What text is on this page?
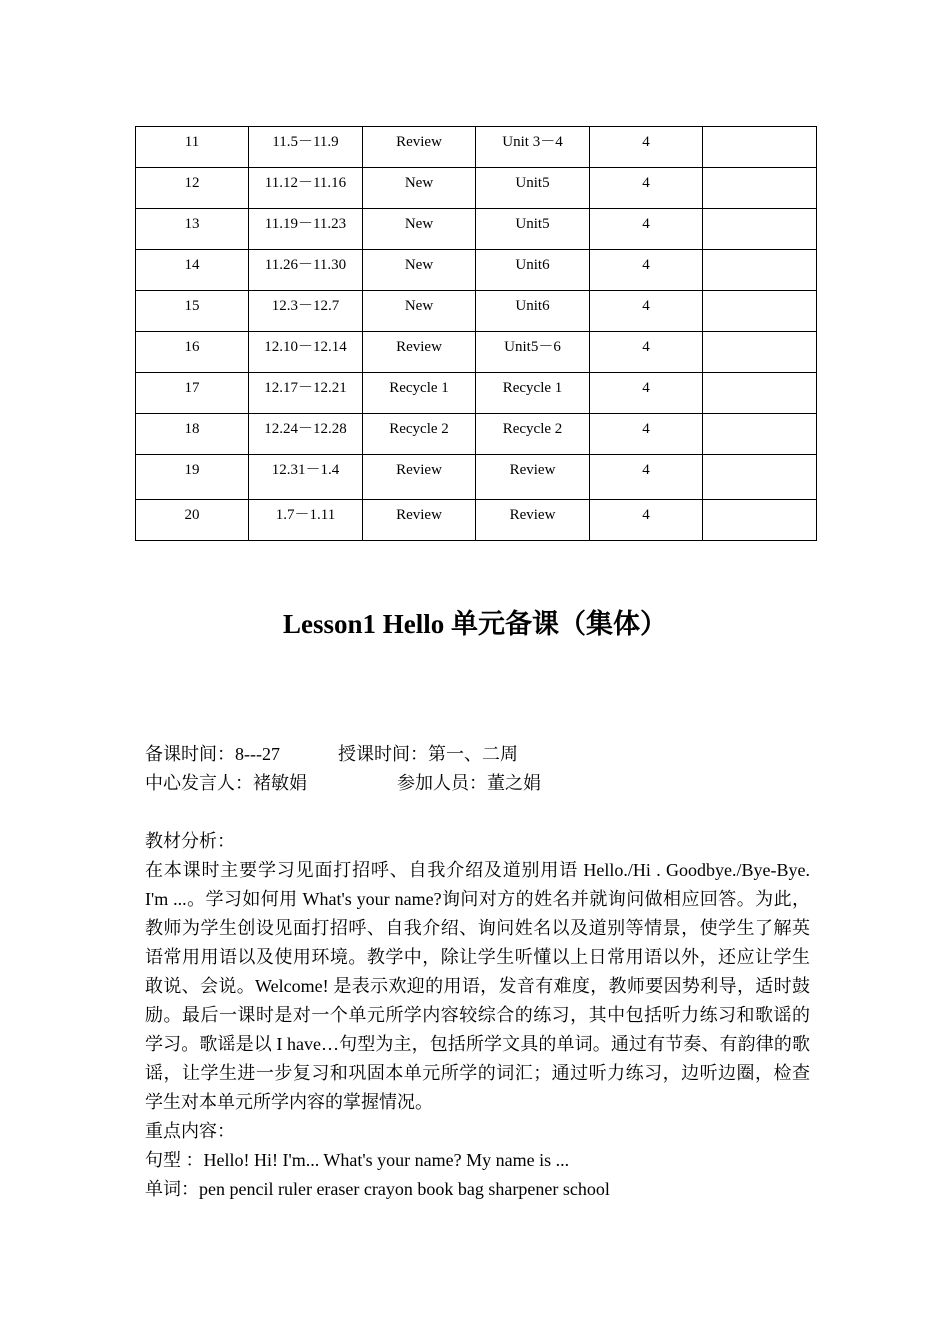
11	11.5－11.9	Review	Unit 3－4	4	
12	11.12－11.16	New	Unit5	4	
13	11.19－11.23	New	Unit5	4	
14	11.26－11.30	New	Unit6	4	
15	12.3－12.7	New	Unit6	4	
16	12.10－12.14	Review	Unit5－6	4	
17	12.17－12.21	Recycle 1	Recycle 1	4	
18	12.24－12.28	Recycle 2	Recycle 2	4	
19	12.31－1.4	Review	Review	4	
20	1.7－1.11	Review	Review	4	
Lesson1 Hello 单元备课（集体）
备课时间：8---27	授课时间：第一、二周
中心发言人：褚敏娟	参加人员：董之娟
教材分析：
在本课时主要学习见面打招呼、自我介绍及道别用语 Hello./Hi . Goodbye./Bye-Bye. I'm ...。学习如何用 What's your name?询问对方的姓名并就询问做相应回答。为此，教师为学生创设见面打招呼、自我介绍、询问姓名以及道别等情景，使学生了解英语常用用语以及使用环境。教学中，除让学生听懂以上日常用语以外，还应让学生敢说、会说。Welcome! 是表示欢迎的用语，发音有难度，教师要因势利导，适时鼓励。最后一课时是对一个单元所学内容较综合的练习，其中包括听力练习和歌谣的学习。歌谣是以 I have…句型为主，包括所学文具的单词。通过有节奏、有韵律的歌谣，让学生进一步复习和巩固本单元所学的词汇；通过听力练习，边听边圈，检查学生对本单元所学内容的掌握情况。
重点内容：
句型 ：Hello! Hi! I'm... What's your name? My name is ...
单词：pen pencil ruler eraser crayon book bag sharpener school
